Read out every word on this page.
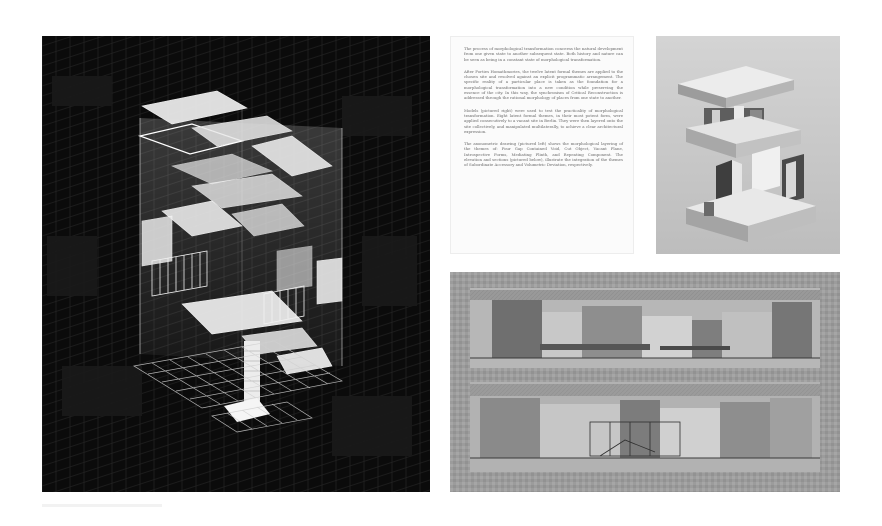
The process of morphological transformation concerns the natural development from one given state to another subsequent state. Both history and nature can be seen as being in a constant state of morphological transformation.

After Forties Homathmories, the twelve latent formal themes are applied to the chosen site and resolved against an explicit programmatic arrangement. The specific reality of a particular place is taken as the foundation for a morphological transformation into a new condition while preserving the essence of the city. In this way, the synchronism of Critical Reconstruction is addressed through the rational morphology of places from one state to another.

Models (pictured right) were used to test the practicality of morphological transformation. Eight latent formal themes, in their most potent form, were applied consecutively to a vacant site in Berlin. They were then layered onto the site collectively, and manipulated multilaterally, to achieve a clear architectural expression.

The axonometric drawing (pictured left) shows the morphological layering of the themes of: Four Gap Contained Void, Cut Object, Vacant Plane, Introspective Forms, Mediating Plinth, and Repeating Component. The elevation and sections (pictured below), illustrate the integration of the themes of Subordinate Accessory and Volumetric Deviation, respectively.
